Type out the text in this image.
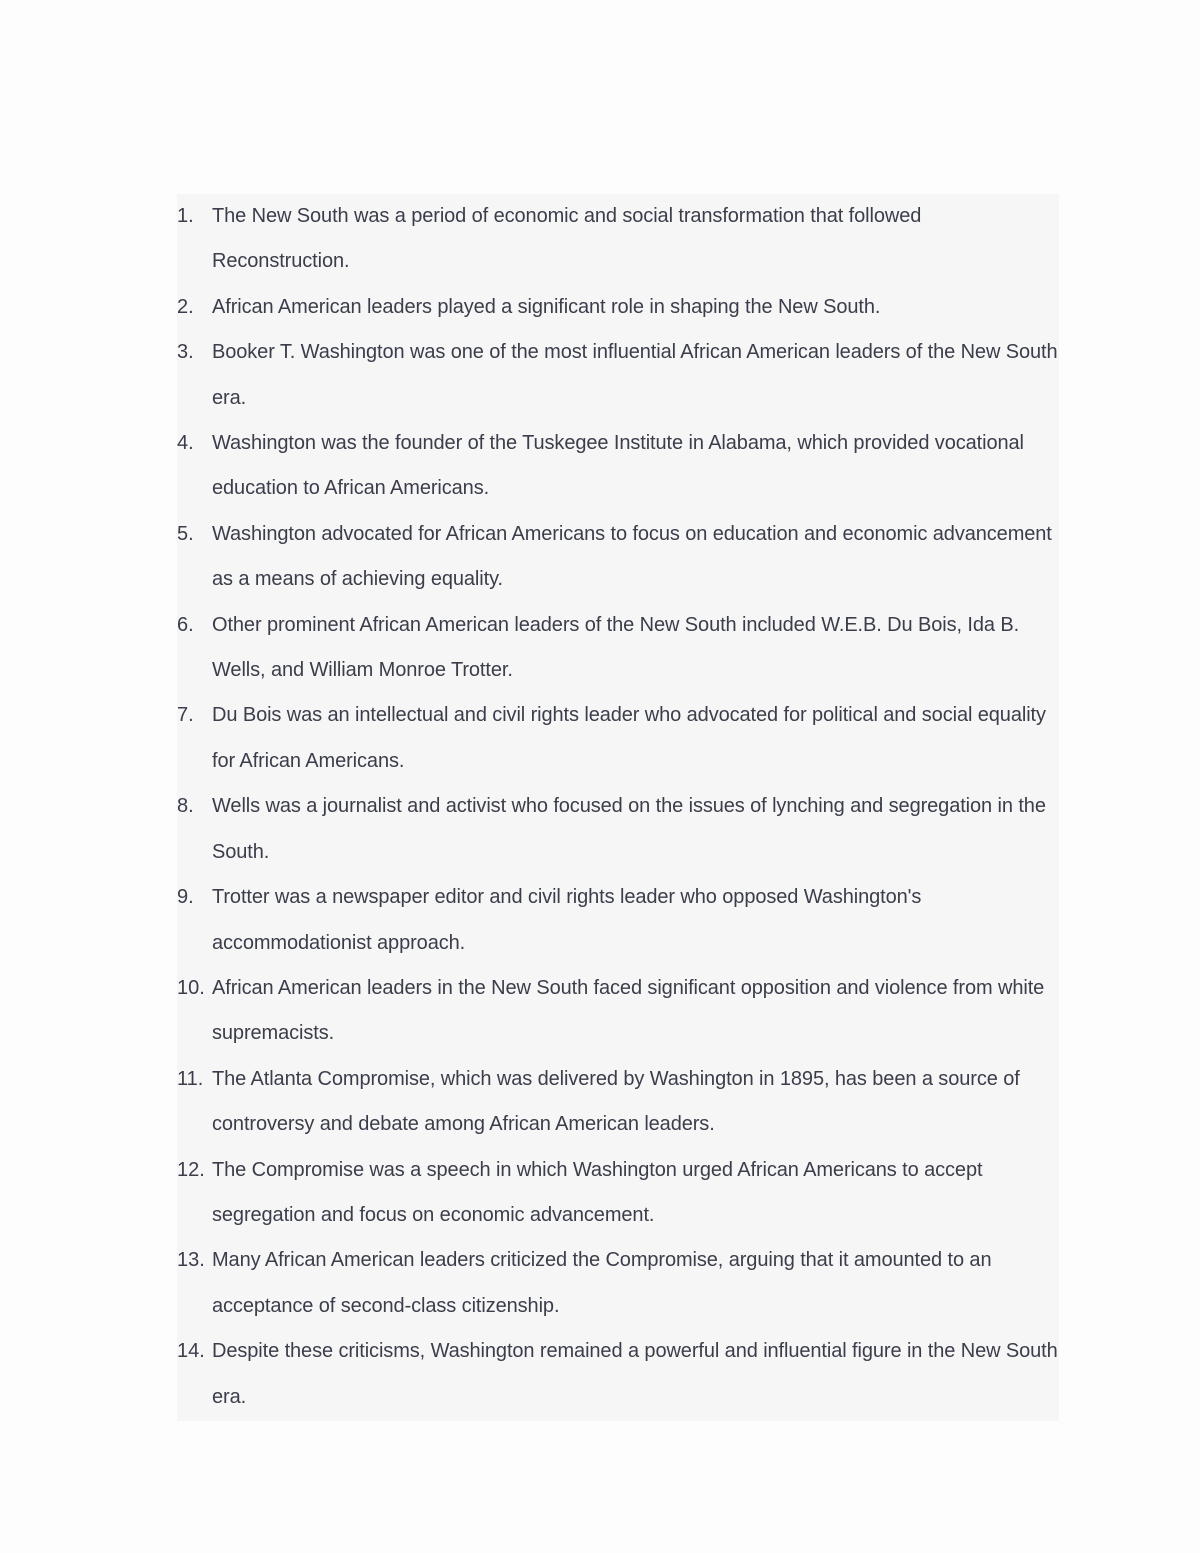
1. The New South was a period of economic and social transformation that followed Reconstruction.
2. African American leaders played a significant role in shaping the New South.
3. Booker T. Washington was one of the most influential African American leaders of the New South era.
4. Washington was the founder of the Tuskegee Institute in Alabama, which provided vocational education to African Americans.
5. Washington advocated for African Americans to focus on education and economic advancement as a means of achieving equality.
6. Other prominent African American leaders of the New South included W.E.B. Du Bois, Ida B. Wells, and William Monroe Trotter.
7. Du Bois was an intellectual and civil rights leader who advocated for political and social equality for African Americans.
8. Wells was a journalist and activist who focused on the issues of lynching and segregation in the South.
9. Trotter was a newspaper editor and civil rights leader who opposed Washington's accommodationist approach.
10. African American leaders in the New South faced significant opposition and violence from white supremacists.
11. The Atlanta Compromise, which was delivered by Washington in 1895, has been a source of controversy and debate among African American leaders.
12. The Compromise was a speech in which Washington urged African Americans to accept segregation and focus on economic advancement.
13. Many African American leaders criticized the Compromise, arguing that it amounted to an acceptance of second-class citizenship.
14. Despite these criticisms, Washington remained a powerful and influential figure in the New South era.
